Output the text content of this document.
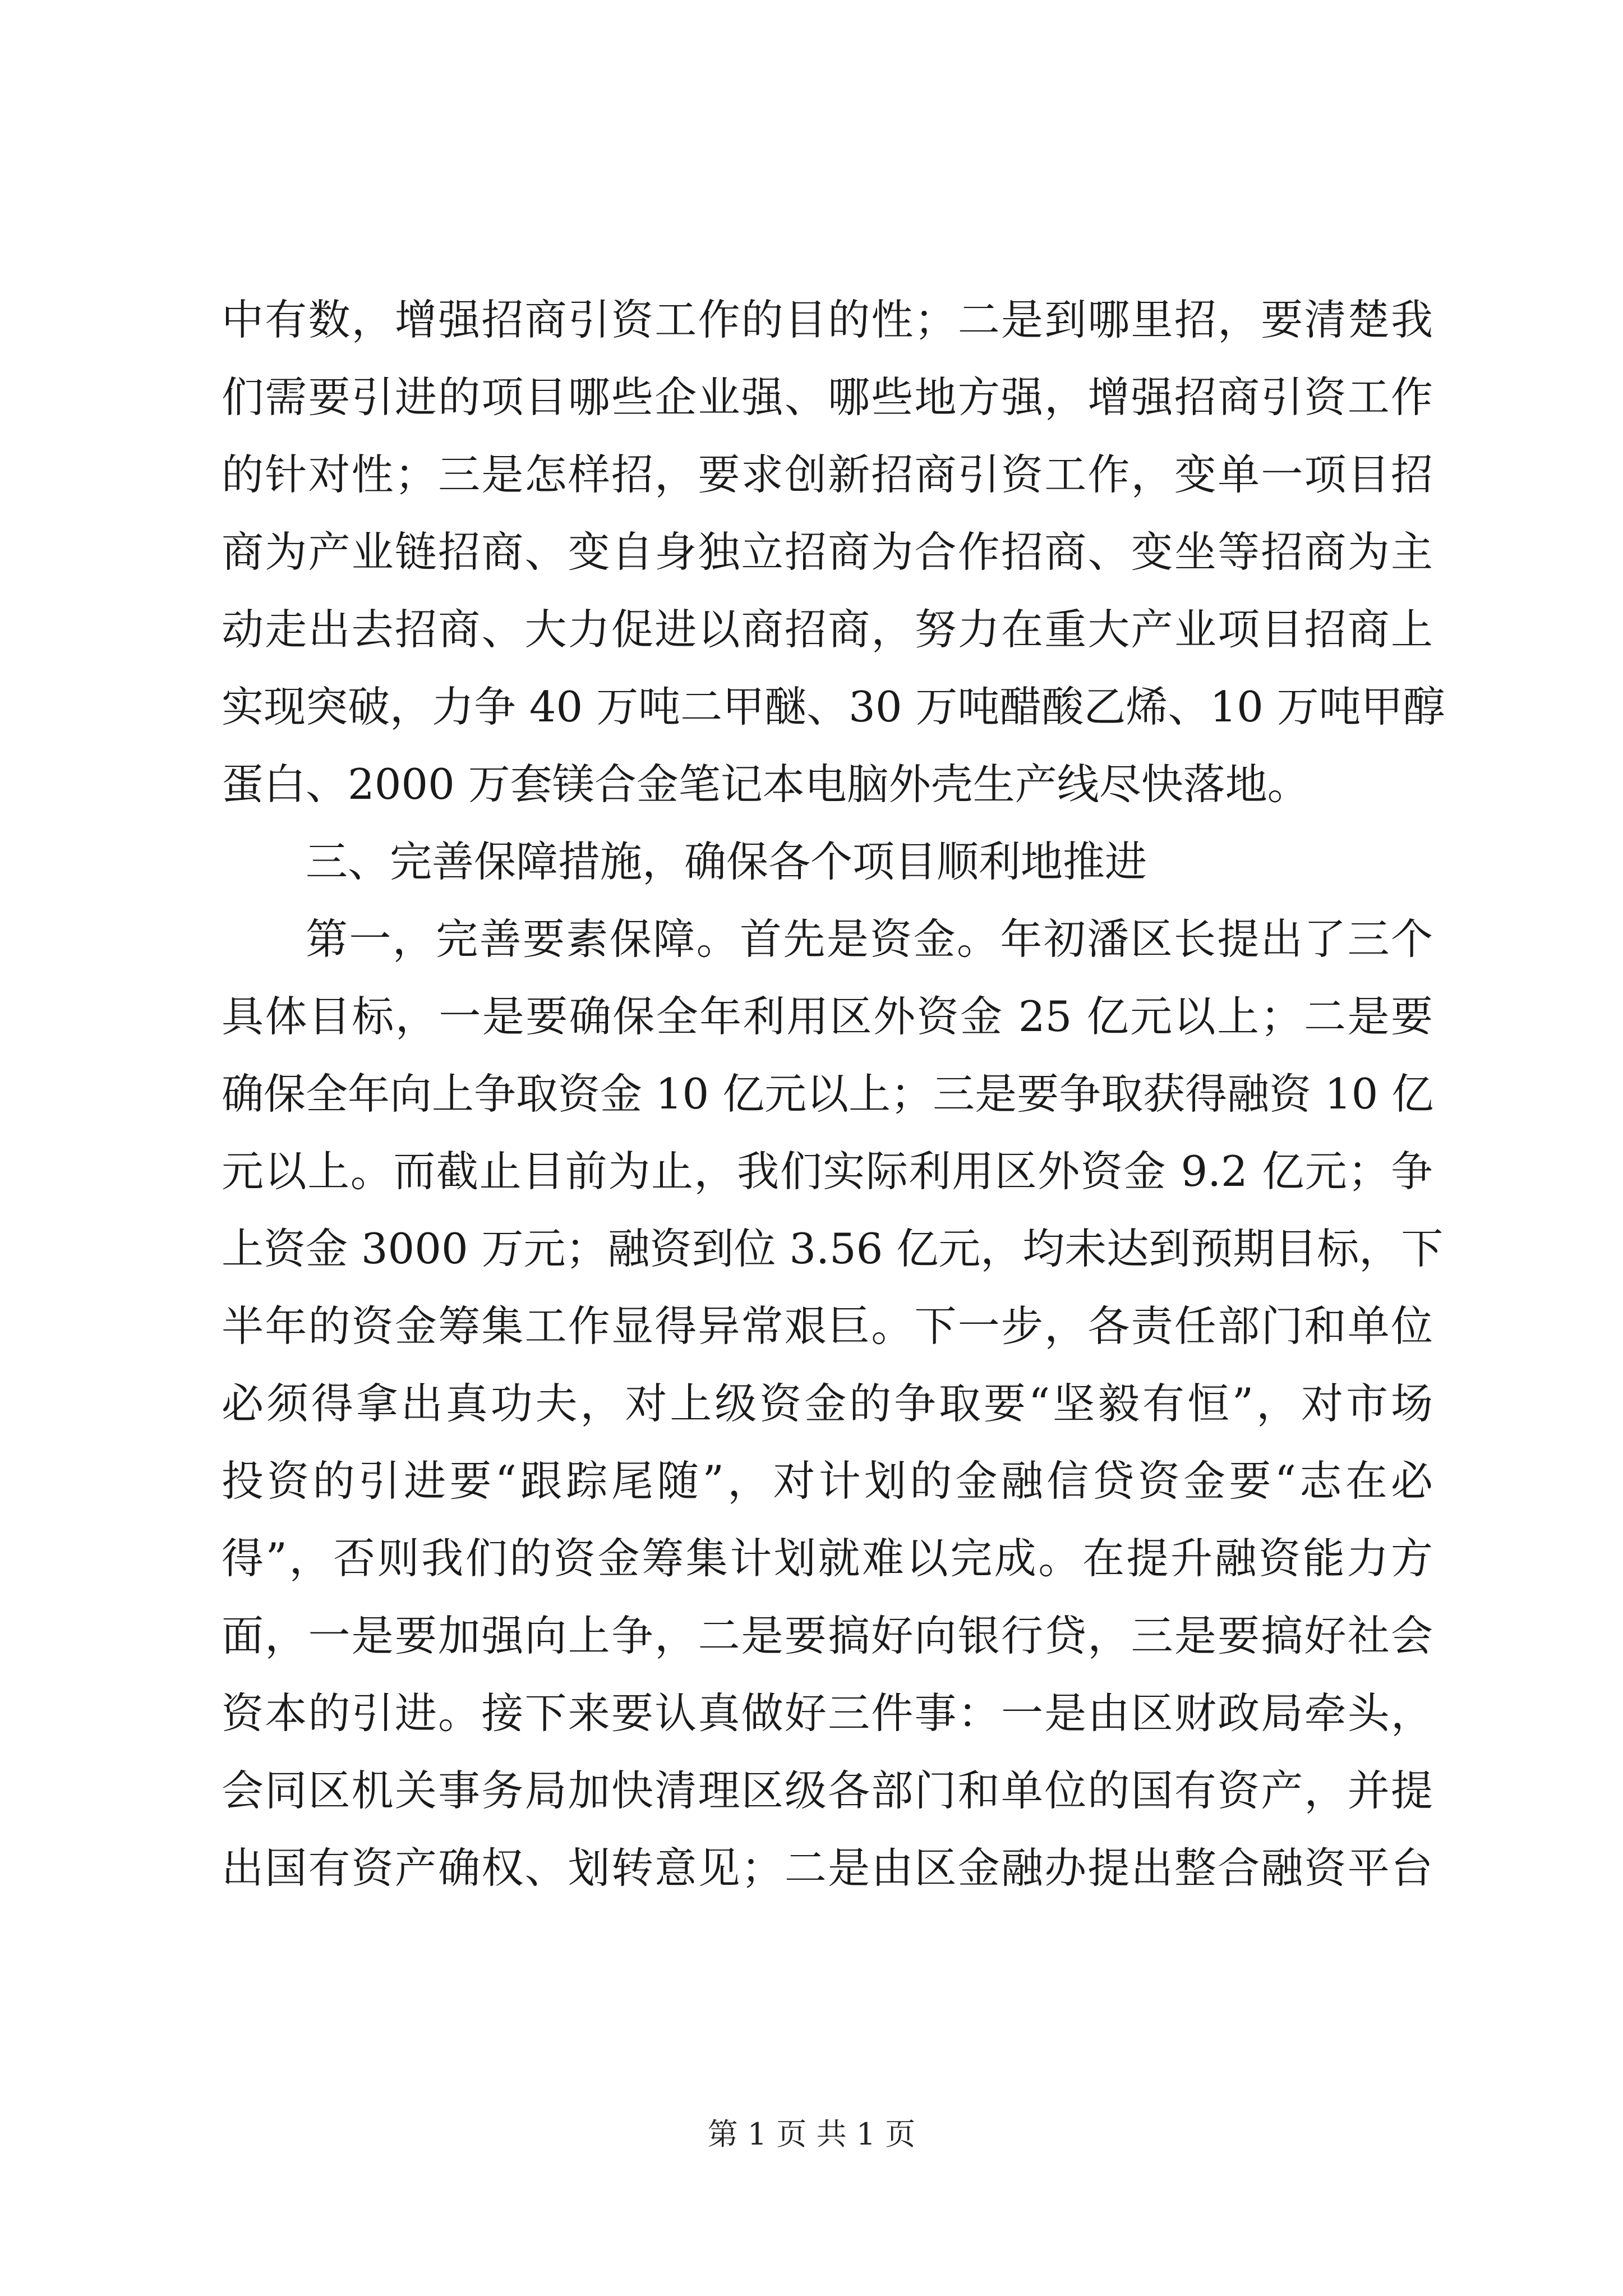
中有数，增强招商引资工作的目的性；二是到哪里招，要清楚我
们需要引进的项目哪些企业强、哪些地方强，增强招商引资工作
的针对性；三是怎样招，要求创新招商引资工作，变单一项目招
商为产业链招商、变自身独立招商为合作招商、变坐等招商为主
动走出去招商、大力促进以商招商，努力在重大产业项目招商上
实现突破，力争 40 万吨二甲醚、30 万吨醋酸乙烯、10 万吨甲醇
蛋白、2000 万套镁合金笔记本电脑外壳生产线尽快落地。
三、完善保障措施，确保各个项目顺利地推进
第一，完善要素保障。首先是资金。年初潘区长提出了三个
具体目标，一是要确保全年利用区外资金 25 亿元以上；二是要
确保全年向上争取资金 10 亿元以上；三是要争取获得融资 10 亿
元以上。而截止目前为止，我们实际利用区外资金 9.2 亿元；争
上资金 3000 万元；融资到位 3.56 亿元，均未达到预期目标，下
半年的资金筹集工作显得异常艰巨。下一步，各责任部门和单位
必须得拿出真功夫，对上级资金的争取要“坚毅有恒”，对市场
投资的引进要“跟踪尾随”，对计划的金融信贷资金要“志在必
得”，否则我们的资金筹集计划就难以完成。在提升融资能力方
面，一是要加强向上争，二是要搞好向银行贷，三是要搞好社会
资本的引进。接下来要认真做好三件事：一是由区财政局牵头，
会同区机关事务局加快清理区级各部门和单位的国有资产，并提
出国有资产确权、划转意见；二是由区金融办提出整合融资平台
第 1 页 共 1 页
